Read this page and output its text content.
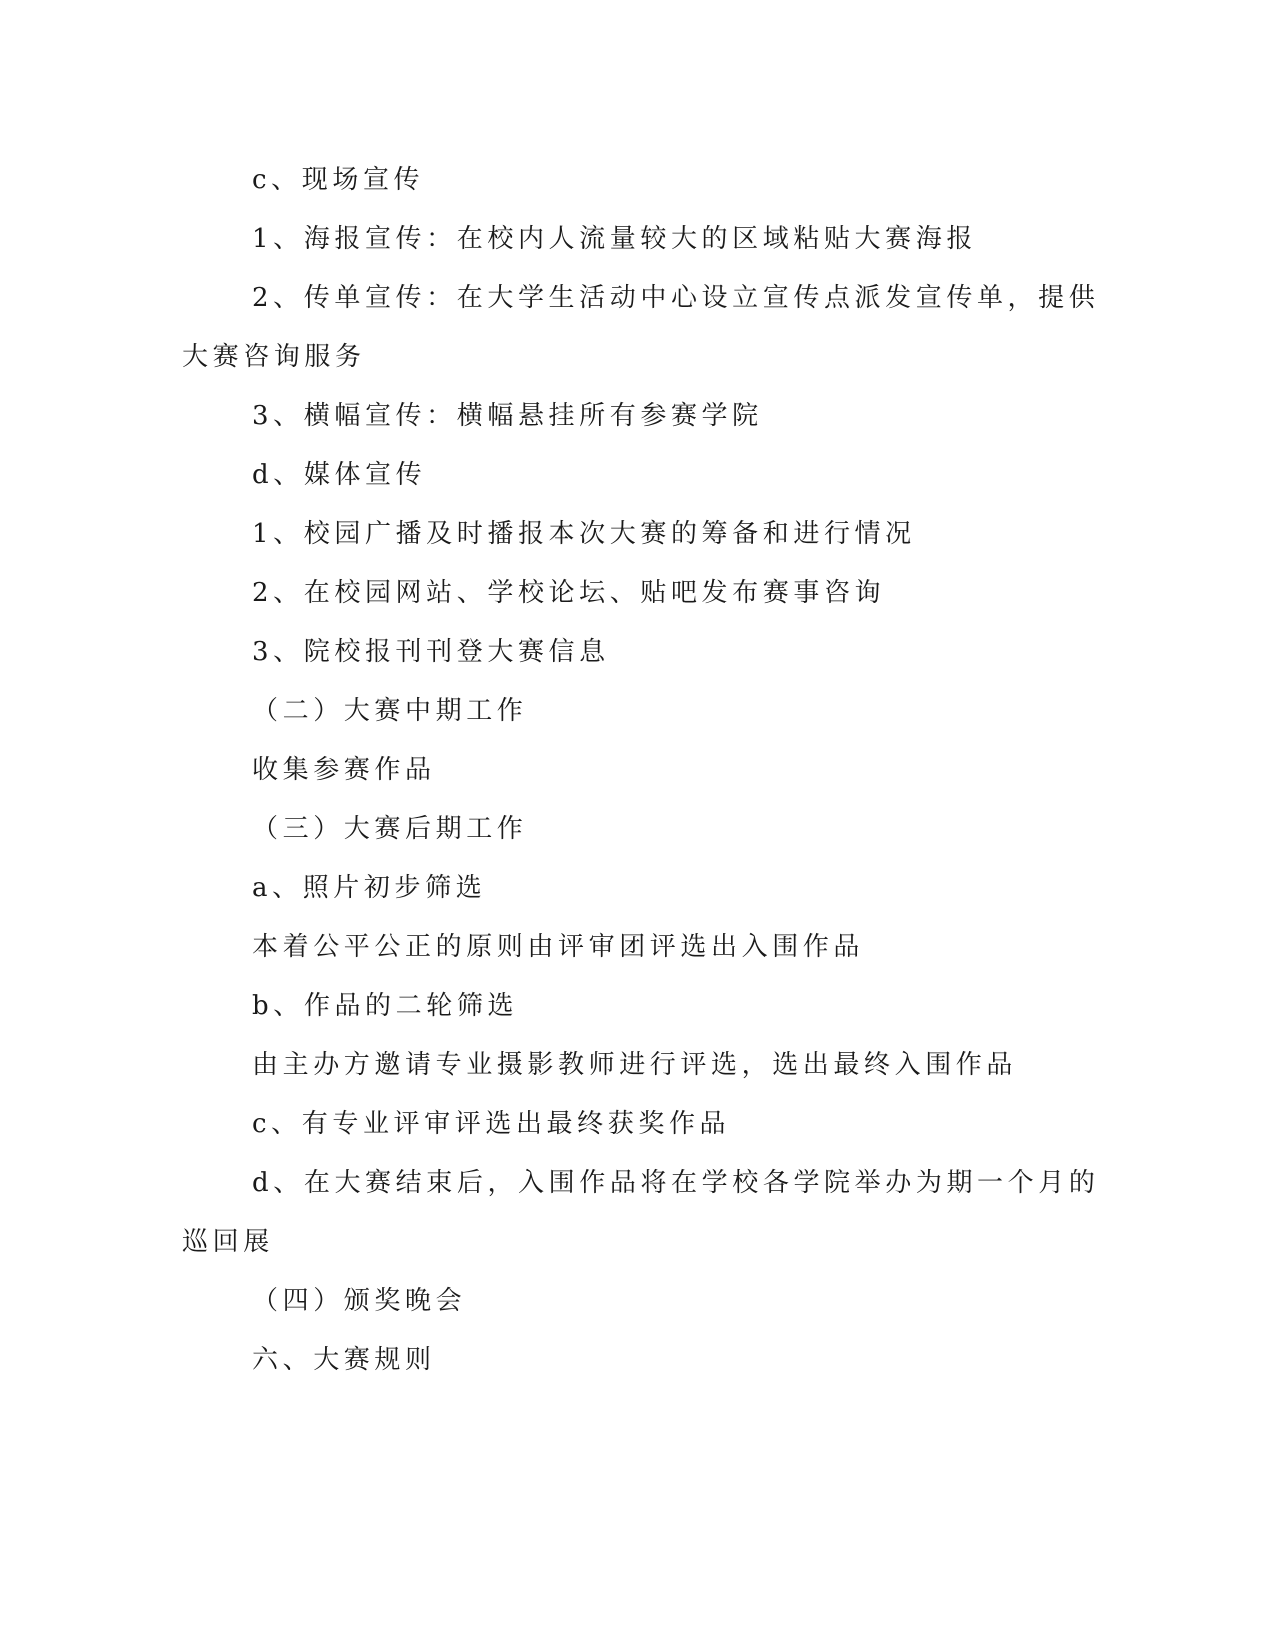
c、现场宣传
1、海报宣传：在校内人流量较大的区域粘贴大赛海报
2、传单宣传：在大学生活动中心设立宣传点派发宣传单，提供
大赛咨询服务
3、横幅宣传：横幅悬挂所有参赛学院
d、媒体宣传
1、校园广播及时播报本次大赛的筹备和进行情况
2、在校园网站、学校论坛、贴吧发布赛事咨询
3、院校报刊刊登大赛信息
（二）大赛中期工作
收集参赛作品
（三）大赛后期工作
a、照片初步筛选
本着公平公正的原则由评审团评选出入围作品
b、作品的二轮筛选
由主办方邀请专业摄影教师进行评选，选出最终入围作品
c、有专业评审评选出最终获奖作品
d、在大赛结束后，入围作品将在学校各学院举办为期一个月的
巡回展
（四）颁奖晚会
六、大赛规则
